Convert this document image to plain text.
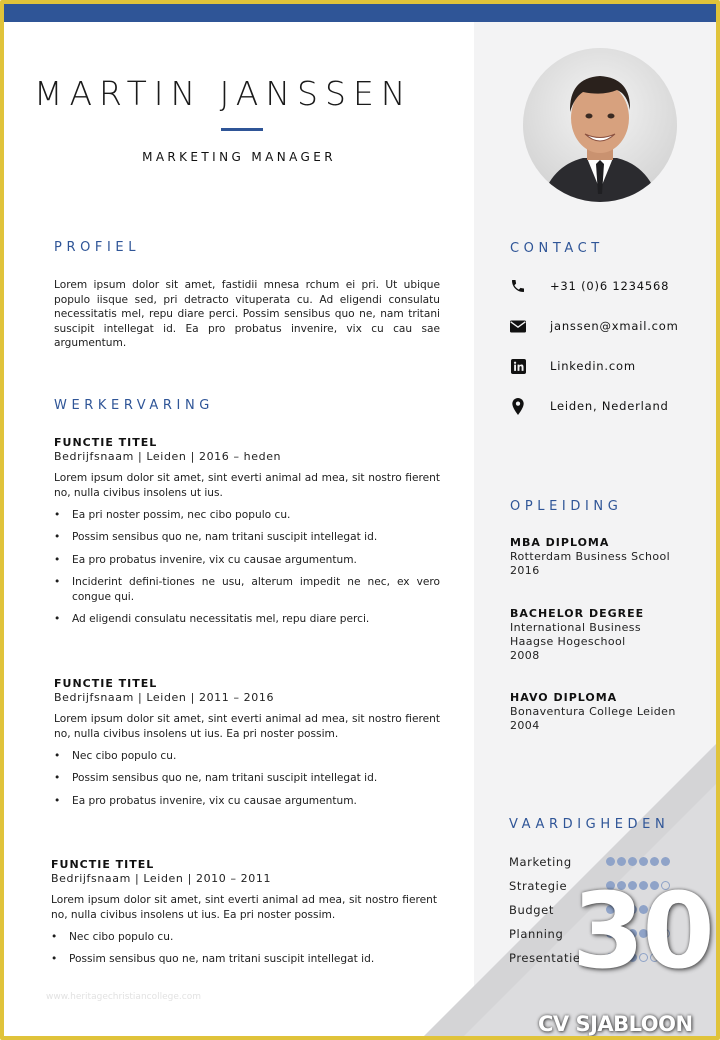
MARTIN JANSSEN
MARKETING MANAGER
PROFIEL
Lorem ipsum dolor sit amet, fastidii mnesa rchum ei pri. Ut ubique populo iisque sed, pri detracto vituperata cu. Ad eligendi consulatu necessitatis mel, repu diare perci. Possim sensibus quo ne, nam tritani suscipit intellegat id. Ea pro probatus invenire, vix cu cau sae argumentum.
WERKERVARING
FUNCTIE TITEL
Bedrijfsnaam | Leiden | 2016 – heden
Lorem ipsum dolor sit amet, sint everti animal ad mea, sit nostro fierent no, nulla civibus insolens ut ius.
• Ea pri noster possim, nec cibo populo cu.
• Possim sensibus quo ne, nam tritani suscipit intellegat id.
• Ea pro probatus invenire, vix cu causae argumentum.
• Inciderint defini-tiones ne usu, alterum impedit ne nec, ex vero congue qui.
• Ad eligendi consulatu necessitatis mel, repu diare perci.
FUNCTIE TITEL
Bedrijfsnaam | Leiden | 2011 – 2016
Lorem ipsum dolor sit amet, sint everti animal ad mea, sit nostro fierent no, nulla civibus insolens ut ius. Ea pri noster possim.
• Nec cibo populo cu.
• Possim sensibus quo ne, nam tritani suscipit intellegat id.
• Ea pro probatus invenire, vix cu causae argumentum.
FUNCTIE TITEL
Bedrijfsnaam | Leiden | 2010 – 2011
Lorem ipsum dolor sit amet, sint everti animal ad mea, sit nostro fierent no, nulla civibus insolens ut ius. Ea pri noster possim.
• Nec cibo populo cu.
• Possim sensibus quo ne, nam tritani suscipit intellegat id.
www.heritagechristiancollege.com
CONTACT
+31 (0)6 1234568
janssen@xmail.com
Linkedin.com
Leiden, Nederland
OPLEIDING
MBA DIPLOMA
Rotterdam Business School
2016
BACHELOR DEGREE
International Business
Haagse Hogeschool
2008
HAVO DIPLOMA
Bonaventura College Leiden
2004
VAARDIGHEDEN
Marketing
Strategie
Budget
Planning
Presentatie
30
CV SJABLOON
